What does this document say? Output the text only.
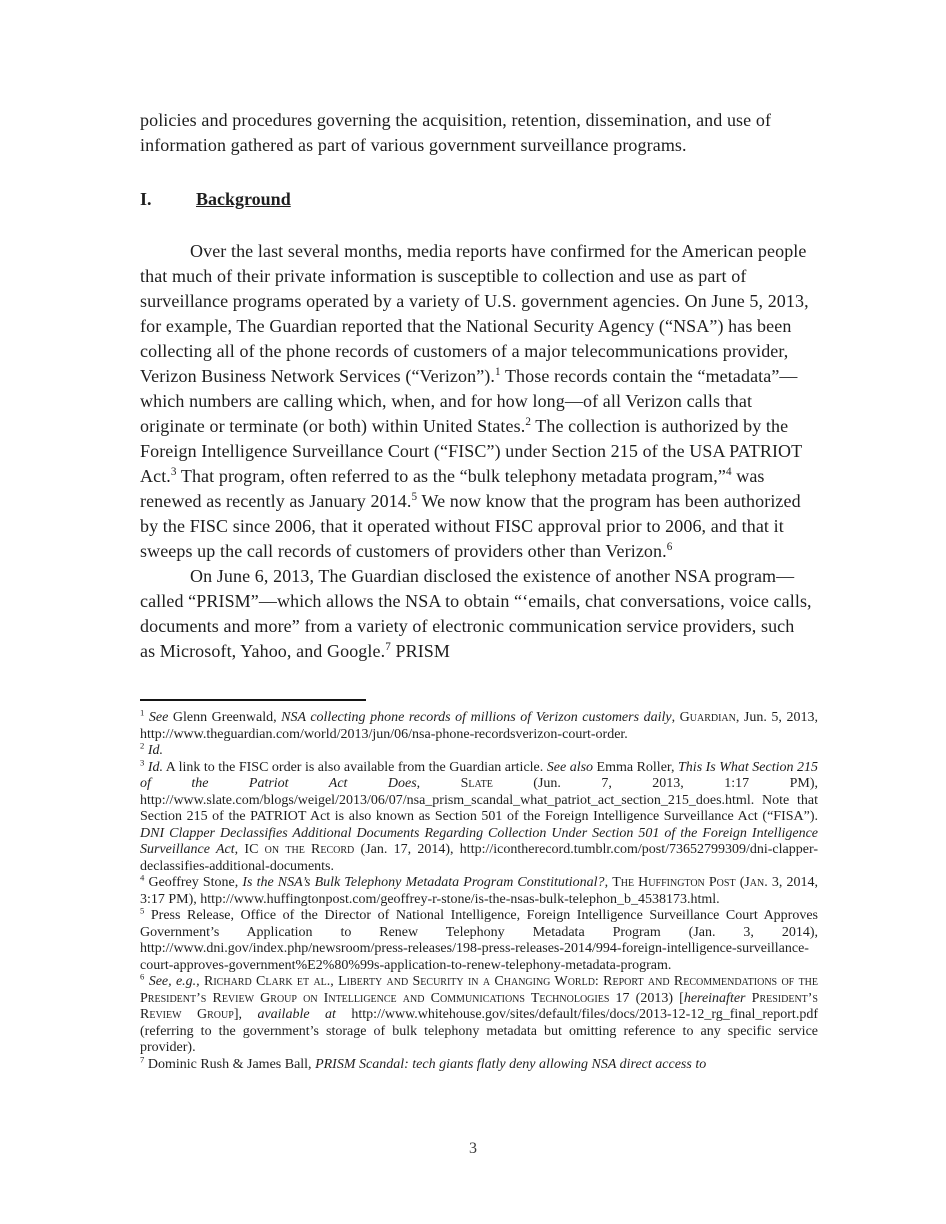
policies and procedures governing the acquisition, retention, dissemination, and use of information gathered as part of various government surveillance programs.

I. Background

Over the last several months, media reports have confirmed for the American people that much of their private information is susceptible to collection and use as part of surveillance programs operated by a variety of U.S. government agencies. On June 5, 2013, for example, The Guardian reported that the National Security Agency (“NSA”) has been collecting all of the phone records of customers of a major telecommunications provider, Verizon Business Network Services (“Verizon”).$^1$ Those records contain the “metadata”—which numbers are calling which, when, and for how long—of all Verizon calls that originate or terminate (or both) within United States.$^2$ The collection is authorized by the Foreign Intelligence Surveillance Court (“FISC”) under Section 215 of the USA PATRIOT Act.$^3$ That program, often referred to as the “bulk telephony metadata program,”$^4$ was renewed as recently as January 2014.$^5$ We now know that the program has been authorized by the FISC since 2006, that it operated without FISC approval prior to 2006, and that it sweeps up the call records of customers of providers other than Verizon.$^6$

On June 6, 2013, The Guardian disclosed the existence of another NSA program—called “PRISM”—which allows the NSA to obtain “‘emails, chat conversations, voice calls, documents and more” from a variety of electronic communication service providers, such as Microsoft, Yahoo, and Google.$^7$ PRISM

$^1$ See Glenn Greenwald, NSA collecting phone records of millions of Verizon customers daily, Guardian, Jun. 5, 2013, http://www.theguardian.com/world/2013/jun/06/nsa-phone-recordsverizon-court-order.

$^2$ Id.

$^3$ Id. A link to the FISC order is also available from the Guardian article. See also Emma Roller, This Is What Section 215 of the Patriot Act Does, Slate (Jun. 7, 2013, 1:17 PM), http://www.slate.com/blogs/weigel/2013/06/07/nsa_prism_scandal_what_patriot_act_section_215_does.html. Note that Section 215 of the PATRIOT Act is also known as Section 501 of the Foreign Intelligence Surveillance Act (“FISA”). DNI Clapper Declassifies Additional Documents Regarding Collection Under Section 501 of the Foreign Intelligence Surveillance Act, IC on the Record (Jan. 17, 2014), http://icontherecord.tumblr.com/post/73652799309/dni-clapper-declassifies-additional-documents.

$^4$ Geoffrey Stone, Is the NSA’s Bulk Telephony Metadata Program Constitutional?, The Huffington Post (Jan. 3, 2014, 3:17 PM), http://www.huffingtonpost.com/geoffrey-r-stone/is-the-nsas-bulk-telephon_b_4538173.html.

$^5$ Press Release, Office of the Director of National Intelligence, Foreign Intelligence Surveillance Court Approves Government’s Application to Renew Telephony Metadata Program (Jan. 3, 2014), http://www.dni.gov/index.php/newsroom/press-releases/198-press-releases-2014/994-foreign-intelligence-surveillance-court-approves-government%E2%80%99s-application-to-renew-telephony-metadata-program.

$^6$ See, e.g., Richard Clark et al., Liberty and Security in a Changing World: Report and Recommendations of the President’s Review Group on Intelligence and Communications Technologies 17 (2013) [hereinafter President’s Review Group], available at http://www.whitehouse.gov/sites/default/files/docs/2013-12-12_rg_final_report.pdf (referring to the government’s storage of bulk telephony metadata but omitting reference to any specific service provider).

$^7$ Dominic Rush & James Ball, PRISM Scandal: tech giants flatly deny allowing NSA direct access to

3
